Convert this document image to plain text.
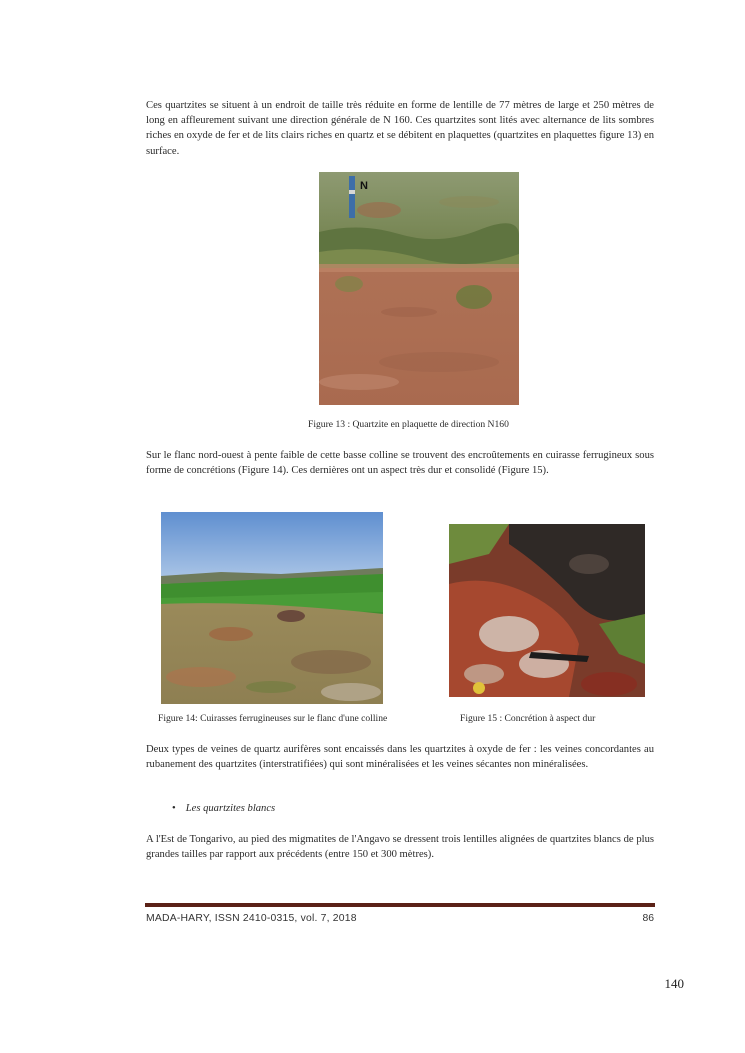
Ces quartzites se situent à un endroit de taille très réduite en forme de lentille de 77 mètres de large et 250 mètres de long en affleurement suivant une direction générale de N 160. Ces quartzites sont lités avec alternance de lits sombres riches en oxyde de fer et de lits clairs riches en quartz et se débitent en plaquettes (quartzites en plaquettes figure 13) en surface.

N

Figure 13 : Quartzite en plaquette de direction N160

Sur le flanc nord-ouest à pente faible de cette basse colline se trouvent des encroûtements en cuirasse ferrugineux sous forme de concrétions (Figure 14). Ces dernières ont un aspect très dur et consolidé (Figure 15).

Figure 14: Cuirasses ferrugineuses sur le flanc d'une colline	Figure 15 : Concrétion à aspect dur

Deux types de veines de quartz aurifères sont encaissés dans les quartzites à oxyde de fer : les veines concordantes au rubanement des quartzites (interstratifiées) qui sont minéralisées et les veines sécantes non minéralisées.

• Les quartzites blancs

A l'Est de Tongarivo, au pied des migmatites de l'Angavo se dressent trois lentilles alignées de quartzites blancs de plus grandes tailles par rapport aux précédents (entre 150 et 300 mètres).

MADA-HARY, ISSN 2410-0315, vol. 7, 2018	86
140
